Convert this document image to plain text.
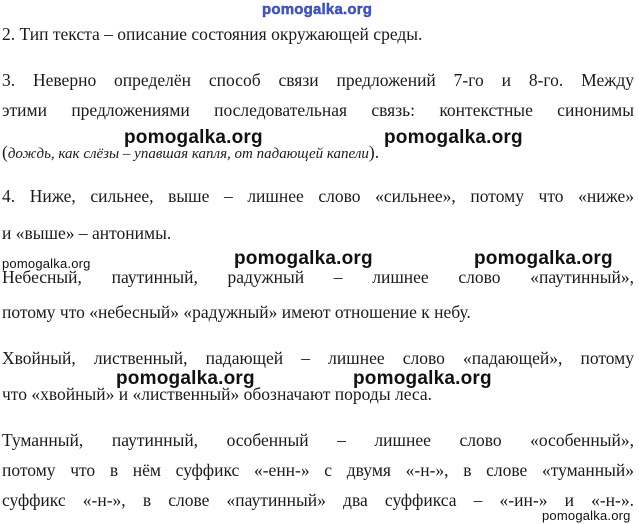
pomogalka.org
2. Тип текста – описание состояния окружающей среды.
3. Неверно определён способ связи предложений 7-го и 8-го. Между
этими предложениями последовательная связь: контекстные синонимы
(дождь, как слёзы – упавшая капля, от падающей капели).
pomogalka.org	pomogalka.org
4. Ниже, сильнее, выше – лишнее слово «сильнее», потому что «ниже»
и «выше» – антонимы.
pomogalka.org	pomogalka.org
pomogalka.org
Небесный, паутинный, радужный – лишнее слово «паутинный»,
потому что «небесный» «радужный» имеют отношение к небу.
Хвойный, лиственный, падающей – лишнее слово «падающей», потому
pomogalka.org	pomogalka.org
что «хвойный» и «лиственный» обозначают породы леса.
Туманный, паутинный, особенный – лишнее слово «особенный»,
потому что в нём суффикс «-енн-» с двумя «-н-», в слове «туманный»
суффикс «-н-», в слове «паутинный» два суффикса – «-ин-» и «-н-».
pomogalka.org
